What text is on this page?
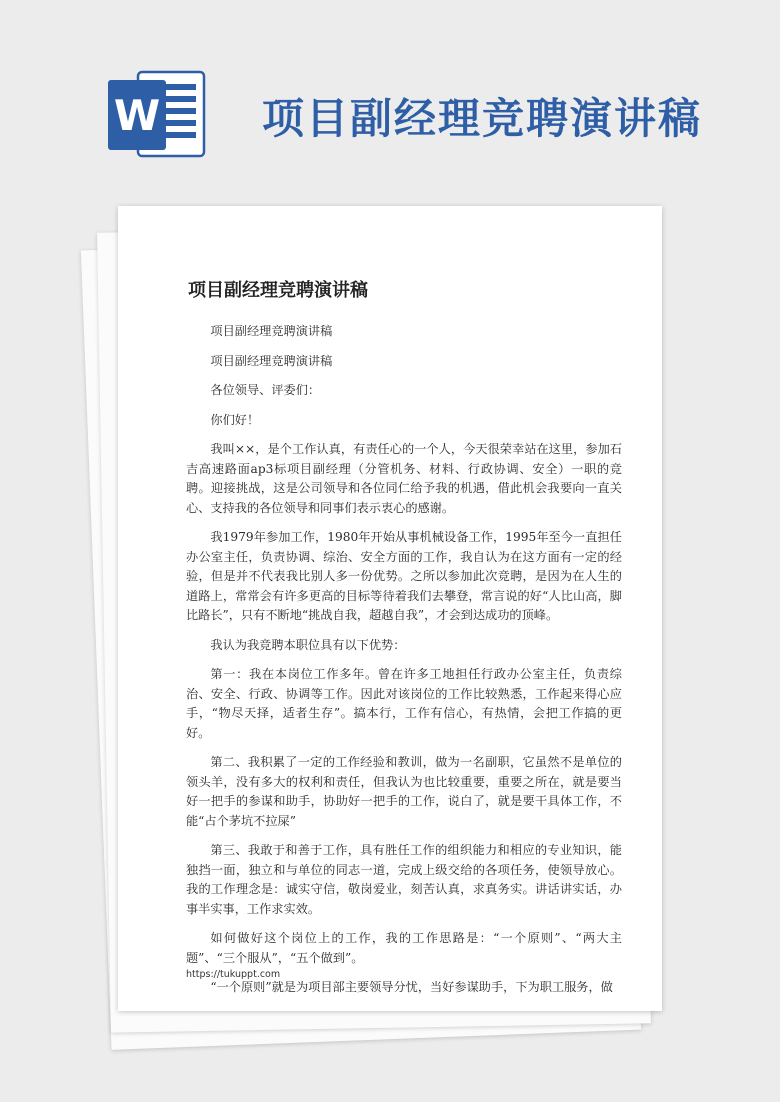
W 项目副经理竞聘演讲稿
项目副经理竞聘演讲稿

项目副经理竞聘演讲稿

项目副经理竞聘演讲稿

各位领导、评委们：

你们好！

我叫××，是个工作认真，有责任心的一个人，今天很荣幸站在这里，参加石吉高速路面ap3标项目副经理（分管机务、材料、行政协调、安全）一职的竞聘。迎接挑战，这是公司领导和各位同仁给予我的机遇，借此机会我要向一直关心、支持我的各位领导和同事们表示衷心的感谢。

我1979年参加工作，1980年开始从事机械设备工作，1995年至今一直担任办公室主任，负责协调、综治、安全方面的工作，我自认为在这方面有一定的经验，但是并不代表我比别人多一份优势。之所以参加此次竞聘，是因为在人生的道路上，常常会有许多更高的目标等待着我们去攀登，常言说的好“人比山高，脚比路长”，只有不断地“挑战自我，超越自我”，才会到达成功的顶峰。

我认为我竞聘本职位具有以下优势：

第一：我在本岗位工作多年。曾在许多工地担任行政办公室主任，负责综治、安全、行政、协调等工作。因此对该岗位的工作比较熟悉，工作起来得心应手，“物尽天择，适者生存”。搞本行，工作有信心，有热情，会把工作搞的更好。

第二、我积累了一定的工作经验和教训，做为一名副职，它虽然不是单位的领头羊，没有多大的权利和责任，但我认为也比较重要，重要之所在，就是要当好一把手的参谋和助手，协助好一把手的工作，说白了，就是要干具体工作，不能“占个茅坑不拉屎”

第三、我敢于和善于工作，具有胜任工作的组织能力和相应的专业知识，能独挡一面，独立和与单位的同志一道，完成上级交给的各项任务，使领导放心。我的工作理念是：诚实守信，敬岗爱业，刻苦认真，求真务实。讲话讲实话，办事半实事，工作求实效。

如何做好这个岗位上的工作，我的工作思路是：“一个原则”、“两大主题”、“三个服从”，“五个做到”。

“一个原则”就是为项目部主要领导分忧，当好参谋助手，下为职工服务，做

https://tukuppt.com
